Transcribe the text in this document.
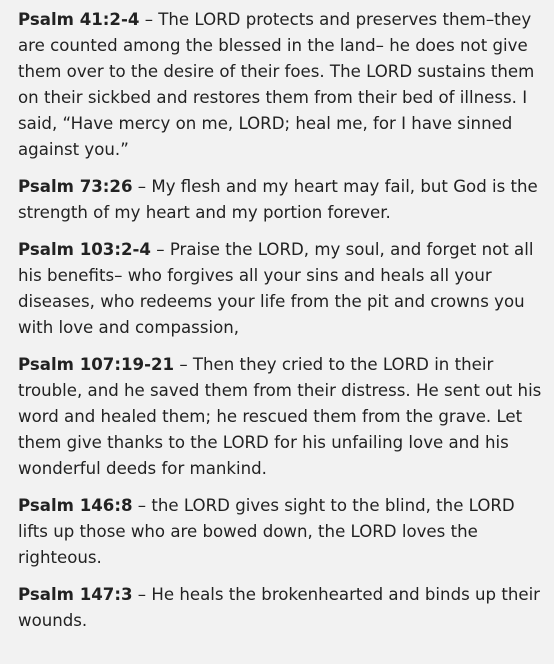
Psalm 41:2-4 – The LORD protects and preserves them–they are counted among the blessed in the land– he does not give them over to the desire of their foes. The LORD sustains them on their sickbed and restores them from their bed of illness. I said, “Have mercy on me, LORD; heal me, for I have sinned against you.”

Psalm 73:26 – My flesh and my heart may fail, but God is the strength of my heart and my portion forever.

Psalm 103:2-4 – Praise the LORD, my soul, and forget not all his benefits– who forgives all your sins and heals all your diseases, who redeems your life from the pit and crowns you with love and compassion,

Psalm 107:19-21 – Then they cried to the LORD in their trouble, and he saved them from their distress. He sent out his word and healed them; he rescued them from the grave. Let them give thanks to the LORD for his unfailing love and his wonderful deeds for mankind.

Psalm 146:8 – the LORD gives sight to the blind, the LORD lifts up those who are bowed down, the LORD loves the righteous.

Psalm 147:3 – He heals the brokenhearted and binds up their wounds.
